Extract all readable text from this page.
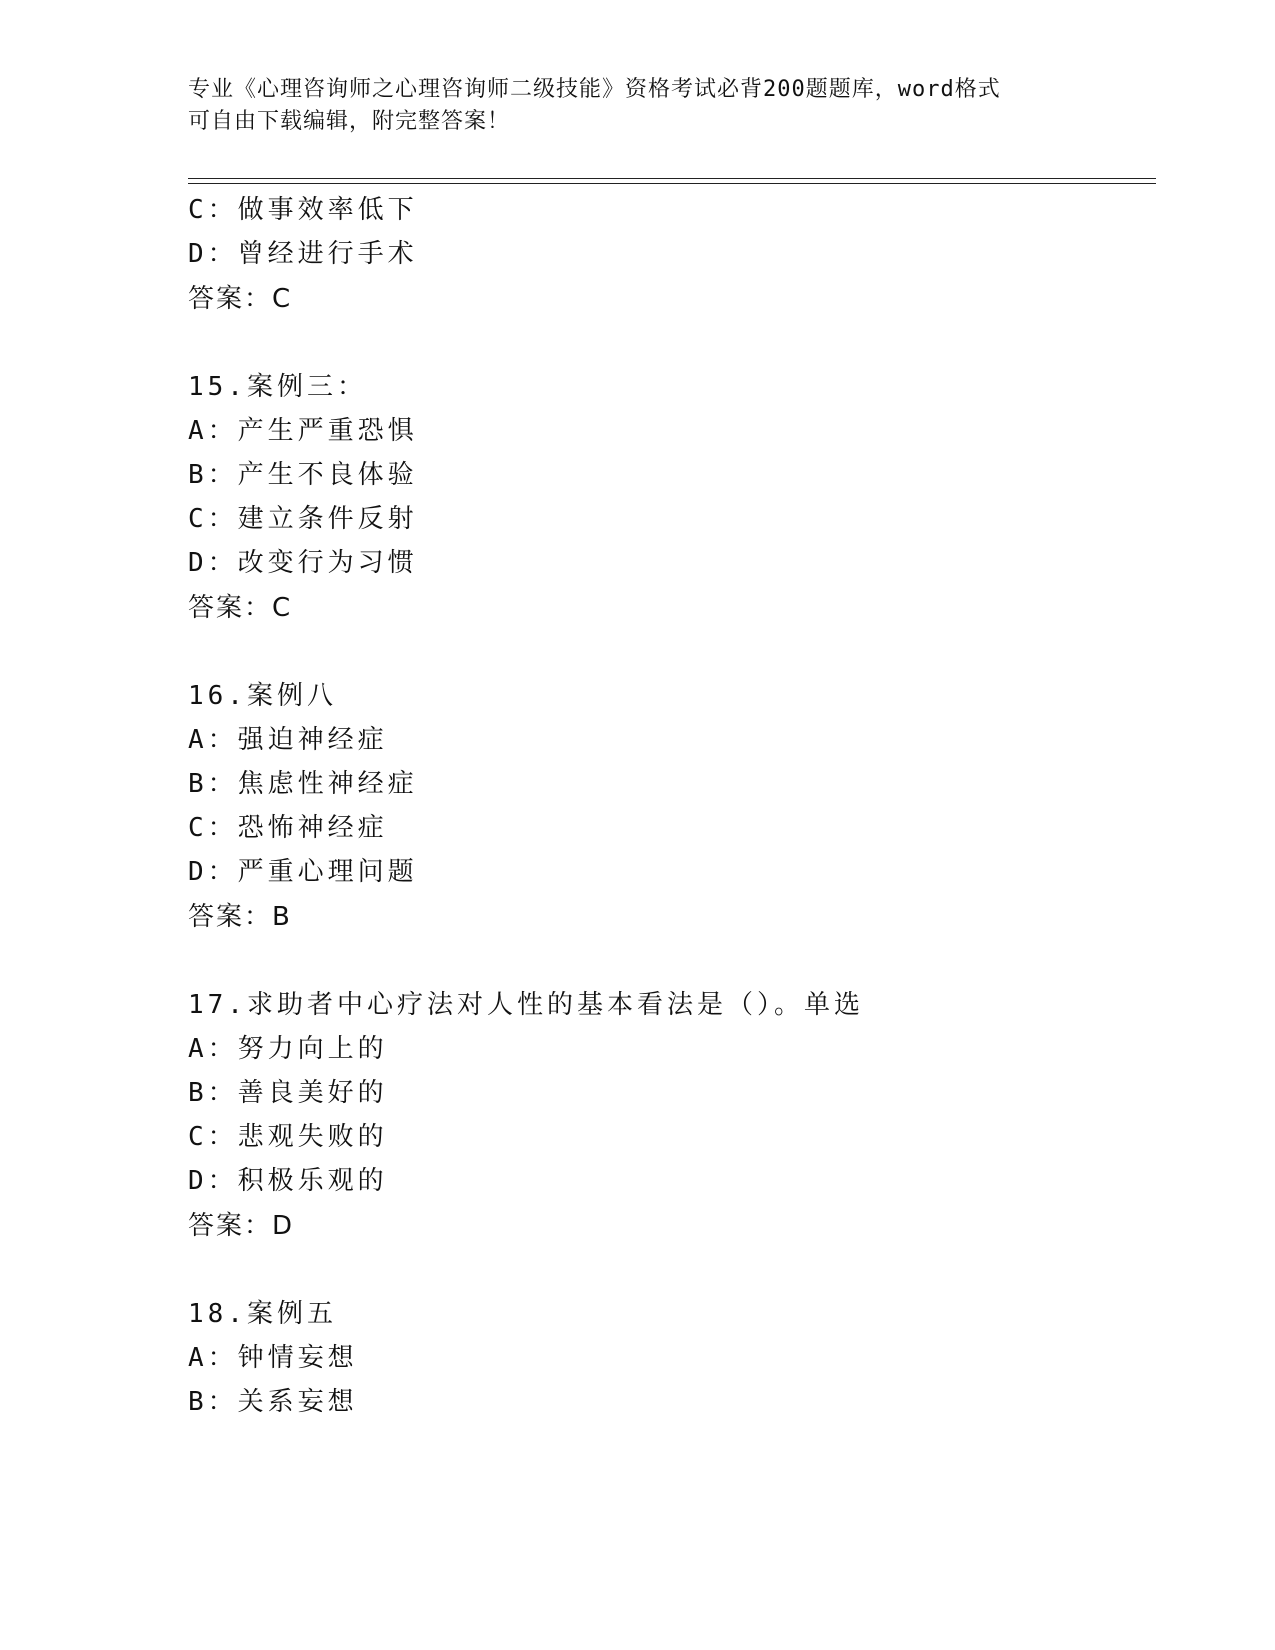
专业《心理咨询师之心理咨询师二级技能》资格考试必背200题题库，word格式
可自由下载编辑，附完整答案！
C：做事效率低下
D：曾经进行手术
答案：C
15.案例三：
A：产生严重恐惧
B：产生不良体验
C：建立条件反射
D：改变行为习惯
答案：C
16.案例八
A：强迫神经症
B：焦虑性神经症
C：恐怖神经症
D：严重心理问题
答案：B
17.求助者中心疗法对人性的基本看法是（）。单选
A：努力向上的
B：善良美好的
C：悲观失败的
D：积极乐观的
答案：D
18.案例五
A：钟情妄想
B：关系妄想
